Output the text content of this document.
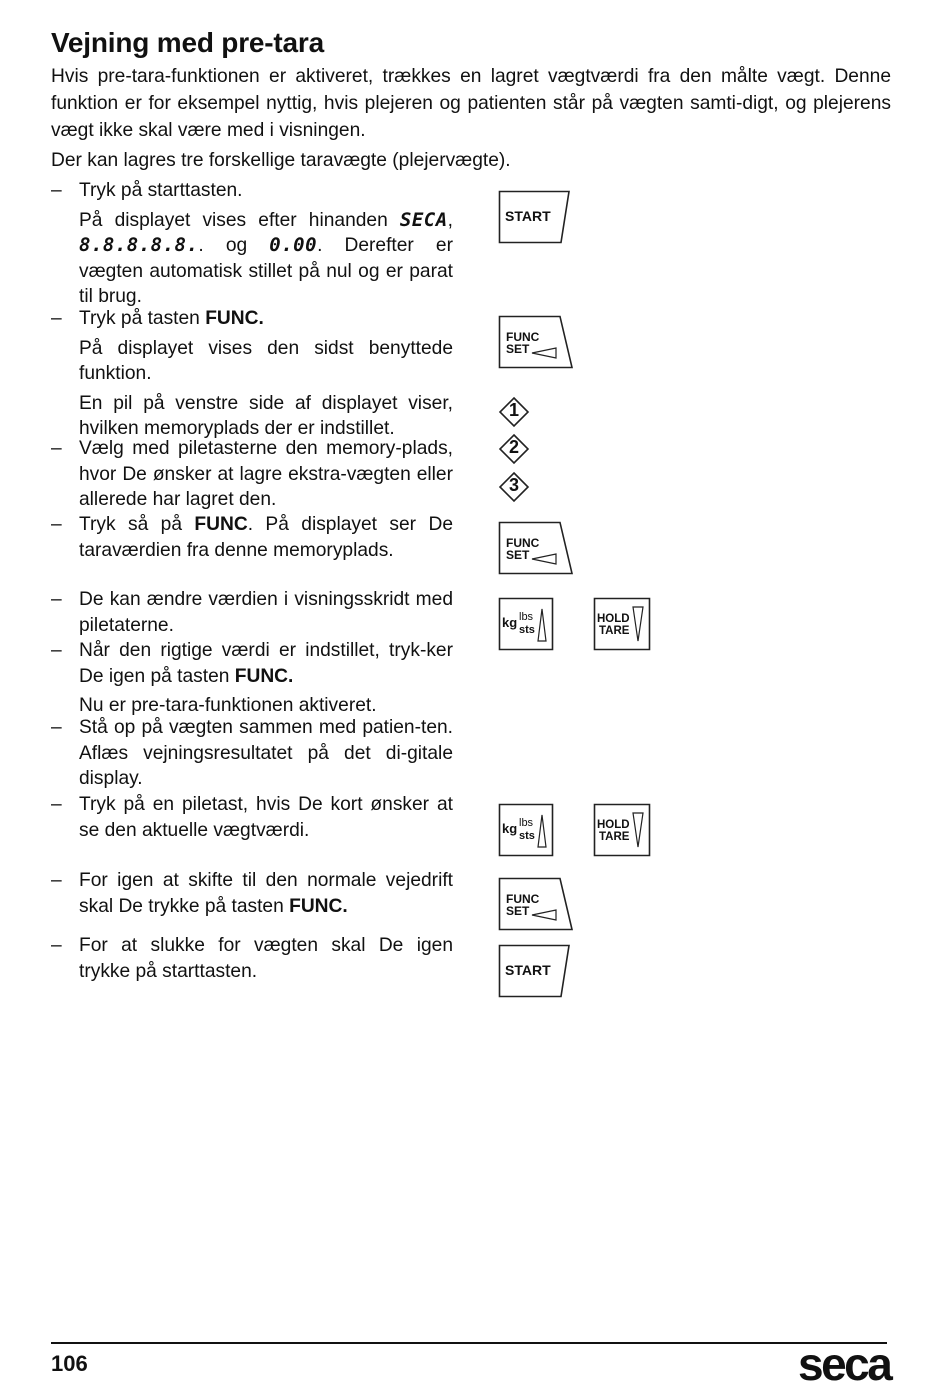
Vejning med pre-tara

Hvis pre-tara-funktionen er aktiveret, trækkes en lagret vægtværdi fra den målte vægt. Denne funktion er for eksempel nyttig, hvis plejeren og patienten står på vægten samti-digt, og plejerens vægt ikke skal være med i visningen.

Der kan lagres tre forskellige taravægte (plejervægte).

– Tryk på starttasten.
På displayet vises efter hinanden SECA, 8.8.8.8.8.. og 0.00. Derefter er vægten automatisk stillet på nul og er parat til brug.
– Tryk på tasten FUNC.
På displayet vises den sidst benyttede funktion.
En pil på venstre side af displayet viser, hvilken memoryplads der er indstillet.
– Vælg med piletasterne den memory-plads, hvor De ønsker at lagre ekstra-vægten eller allerede har lagret den.
– Tryk så på FUNC. På displayet ser De taraværdien fra denne memoryplads.
– De kan ændre værdien i visningsskridt med piletaterne.
– Når den rigtige værdi er indstillet, tryk-ker De igen på tasten FUNC.
Nu er pre-tara-funktionen aktiveret.
– Stå op på vægten sammen med patien-ten. Aflæs vejningsresultatet på det di-gitale display.
– Tryk på en piletast, hvis De kort ønsker at se den aktuelle vægtværdi.
– For igen at skifte til den normale vejedrift skal De trykke på tasten FUNC.
– For at slukke for vægten skal De igen trykke på starttasten.
START
FUNC
SET
1
2
3
FUNC
SET
kg lbs
sts
HOLD
TARE
kg lbs
sts
HOLD
TARE
FUNC
SET
START
106	seca
